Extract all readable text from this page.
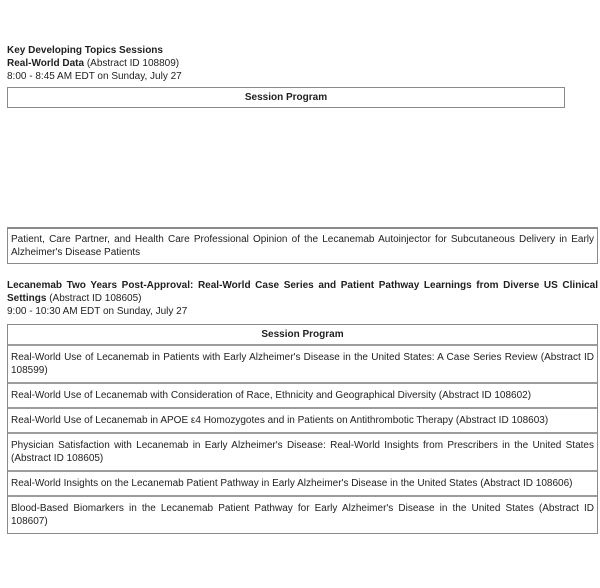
Key Developing Topics Sessions
Real-World Data (Abstract ID 108809)
8:00 - 8:45 AM EDT on Sunday, July 27
Session Program
Patient, Care Partner, and Health Care Professional Opinion of the Lecanemab Autoinjector for Subcutaneous Delivery in Early Alzheimer's Disease Patients
Lecanemab Two Years Post-Approval: Real-World Case Series and Patient Pathway Learnings from Diverse US Clinical Settings (Abstract ID 108605)
9:00 - 10:30 AM EDT on Sunday, July 27
Session Program
Real-World Use of Lecanemab in Patients with Early Alzheimer's Disease in the United States: A Case Series Review (Abstract ID 108599)
Real-World Use of Lecanemab with Consideration of Race, Ethnicity and Geographical Diversity (Abstract ID 108602)
Real-World Use of Lecanemab in APOE ε4 Homozygotes and in Patients on Antithrombotic Therapy (Abstract ID 108603)
Physician Satisfaction with Lecanemab in Early Alzheimer's Disease: Real-World Insights from Prescribers in the United States (Abstract ID 108605)
Real-World Insights on the Lecanemab Patient Pathway in Early Alzheimer's Disease in the United States (Abstract ID 108606)
Blood-Based Biomarkers in the Lecanemab Patient Pathway for Early Alzheimer's Disease in the United States (Abstract ID 108607)
